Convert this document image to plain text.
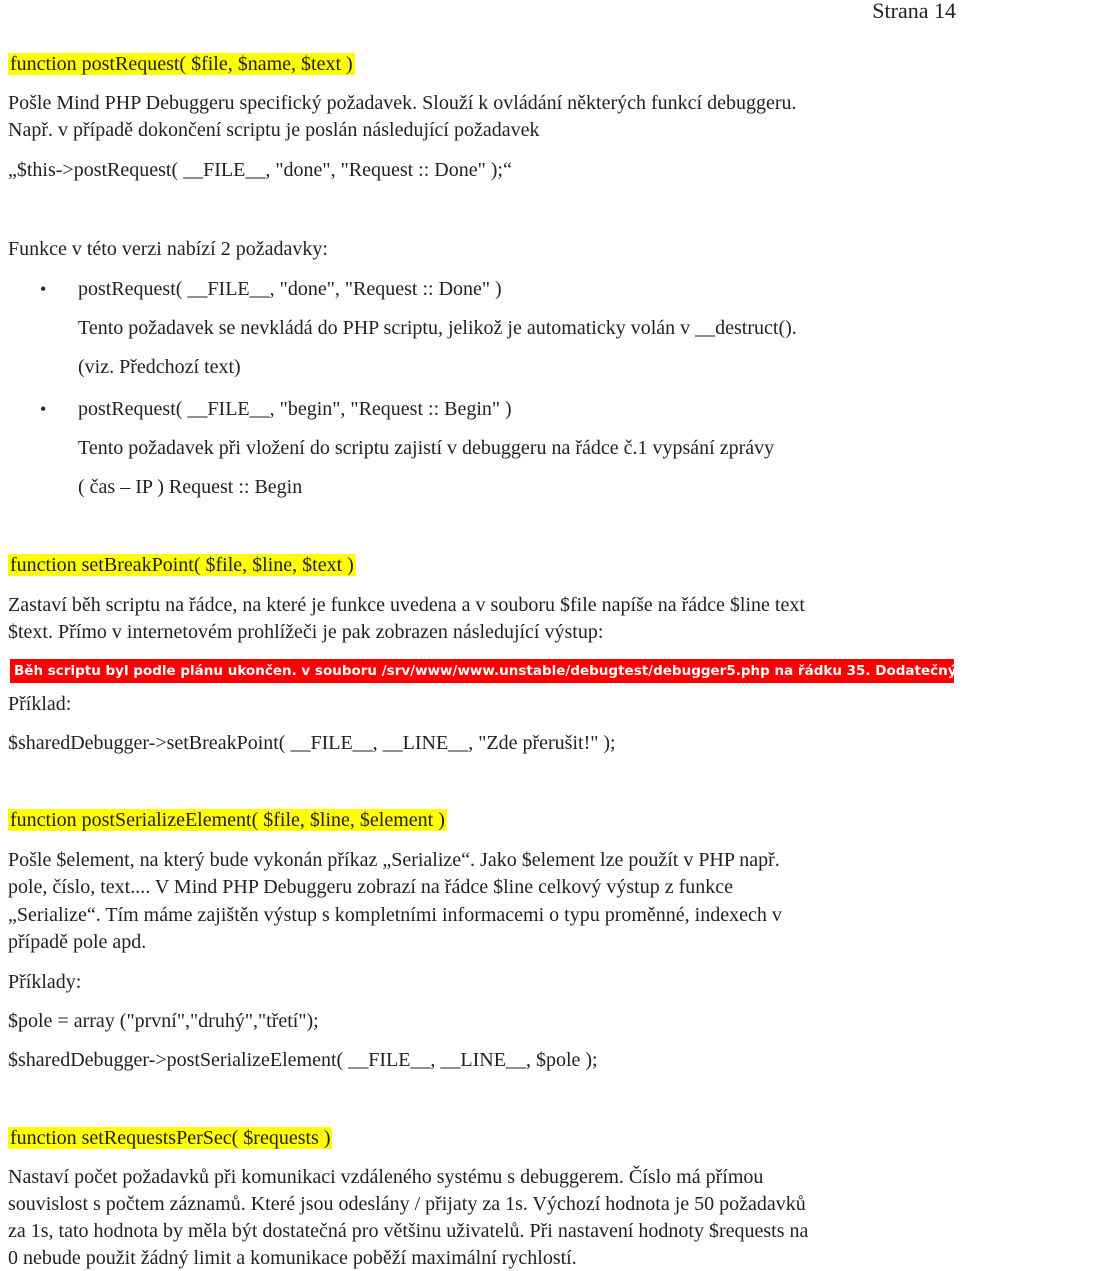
Strana 14
function postRequest( $file, $name, $text )
Pošle Mind PHP Debuggeru specifický požadavek. Slouží k ovládání některých funkcí debuggeru.
Např. v případě dokončení scriptu je poslán následující požadavek
„$this->postRequest( __FILE__, "done", "Request :: Done" );“
Funkce v této verzi nabízí 2 požadavky:
• postRequest( __FILE__, "done", "Request :: Done" )
Tento požadavek se nevkládá do PHP scriptu, jelikož je automaticky volán v __destruct().
(viz. Předchozí text)
• postRequest( __FILE__, "begin", "Request :: Begin" )
Tento požadavek při vložení do scriptu zajistí v debuggeru na řádce č.1 vypsání zprávy
( čas – IP ) Request :: Begin
function setBreakPoint( $file, $line, $text )
Zastaví běh scriptu na řádce, na které je funkce uvedena a v souboru $file napíše na řádce $line text
$text. Přímo v internetovém prohlížeči je pak zobrazen následující výstup:
Běh scriptu byl podle plánu ukončen. v souboru /srv/www/www.unstable/debugtest/debugger5.php na řádku 35. Dodatečný text: Chyba v zadání
Příklad:
$sharedDebugger->setBreakPoint( __FILE__, __LINE__, "Zde přerušit!" );
function postSerializeElement( $file, $line, $element )
Pošle $element, na který bude vykonán příkaz „Serialize“. Jako $element lze použít v PHP např.
pole, číslo, text.... V Mind PHP Debuggeru zobrazí na řádce $line celkový výstup z funkce
„Serialize“. Tím máme zajištěn výstup s kompletními informacemi o typu proměnné, indexech v
případě pole apd.
Příklady:
$pole = array ("první","druhý","třetí");
$sharedDebugger->postSerializeElement( __FILE__, __LINE__, $pole );
function setRequestsPerSec( $requests )
Nastaví počet požadavků při komunikaci vzdáleného systému s debuggerem. Číslo má přímou
souvislost s počtem záznamů. Které jsou odeslány / přijaty za 1s. Výchozí hodnota je 50 požadavků
za 1s, tato hodnota by měla být dostatečná pro většinu uživatelů. Při nastavení hodnoty $requests na
0 nebude použit žádný limit a komunikace poběží maximální rychlostí.
